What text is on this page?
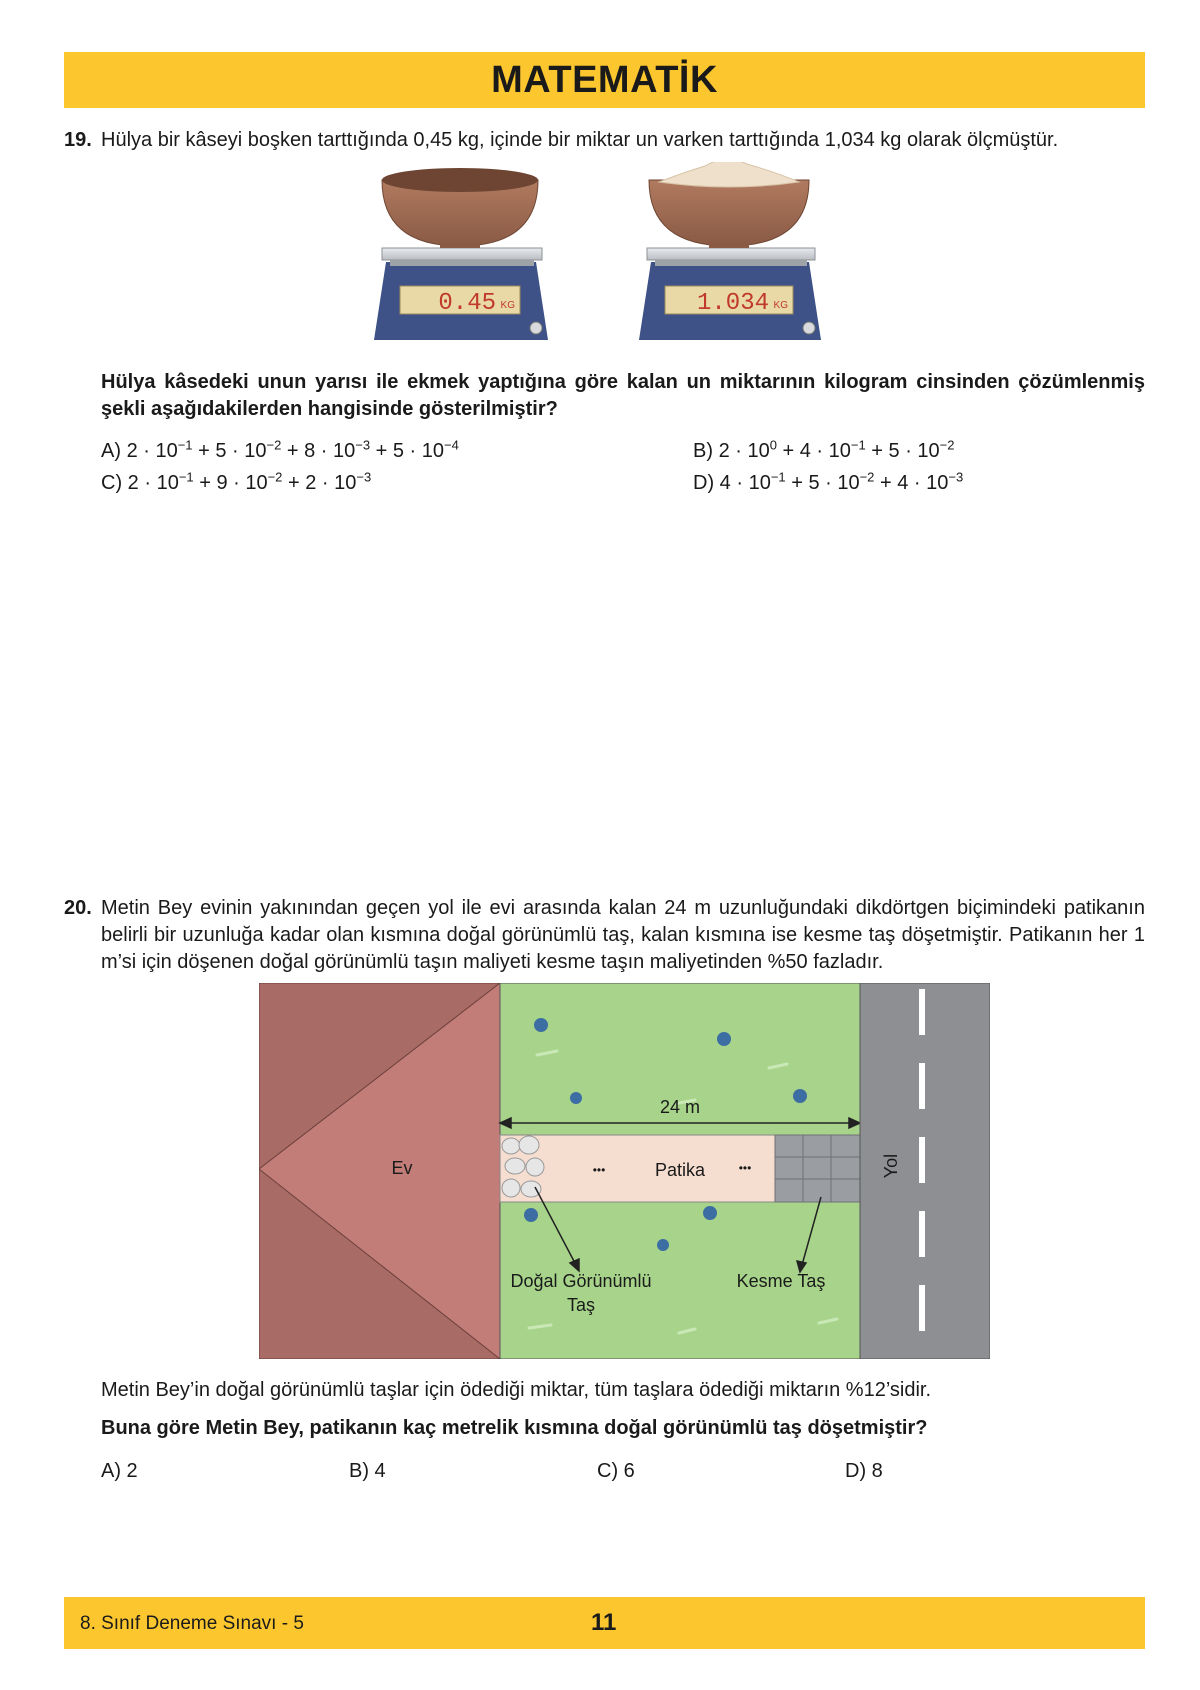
MATEMATİK
19. Hülya bir kâseyi boşken tarttığında 0,45 kg, içinde bir miktar un varken tarttığında 1,034 kg olarak ölçmüştür.
0.45 KG	1.034 KG
Hülya kâsedeki unun yarısı ile ekmek yaptığına göre kalan un miktarının kilogram cinsinden çözümlenmiş şekli aşağıdakilerden hangisinde gösterilmiştir?
A) $2 \cdot 10^{-1} + 5 \cdot 10^{-2} + 8 \cdot 10^{-3} + 5 \cdot 10^{-4}$	B) $2 \cdot 10^0 + 4 \cdot 10^{-1} + 5 \cdot 10^{-2}$
C) $2 \cdot 10^{-1} + 9 \cdot 10^{-2} + 2 \cdot 10^{-3}$	D) $4 \cdot 10^{-1} + 5 \cdot 10^{-2} + 4 \cdot 10^{-3}$
20. Metin Bey evinin yakınından geçen yol ile evi arasında kalan 24 m uzunluğundaki dikdörtgen biçimindeki patikanın belirli bir uzunluğa kadar olan kısmına doğal görünümlü taş, kalan kısmına ise kesme taş döşetmiştir. Patikanın her 1 m’si için döşenen doğal görünümlü taşın maliyeti kesme taşın maliyetinden %50 fazladır.
Ev
24 m
Patika
•••	•••	Yol
Doğal Görünümlü
Taş
Kesme Taş
Metin Bey’in doğal görünümlü taşlar için ödediği miktar, tüm taşlara ödediği miktarın %12’sidir.
Buna göre Metin Bey, patikanın kaç metrelik kısmına doğal görünümlü taş döşetmiştir?
A) 2	B) 4	C) 6	D) 8
8. Sınıf Deneme Sınavı - 5	11
